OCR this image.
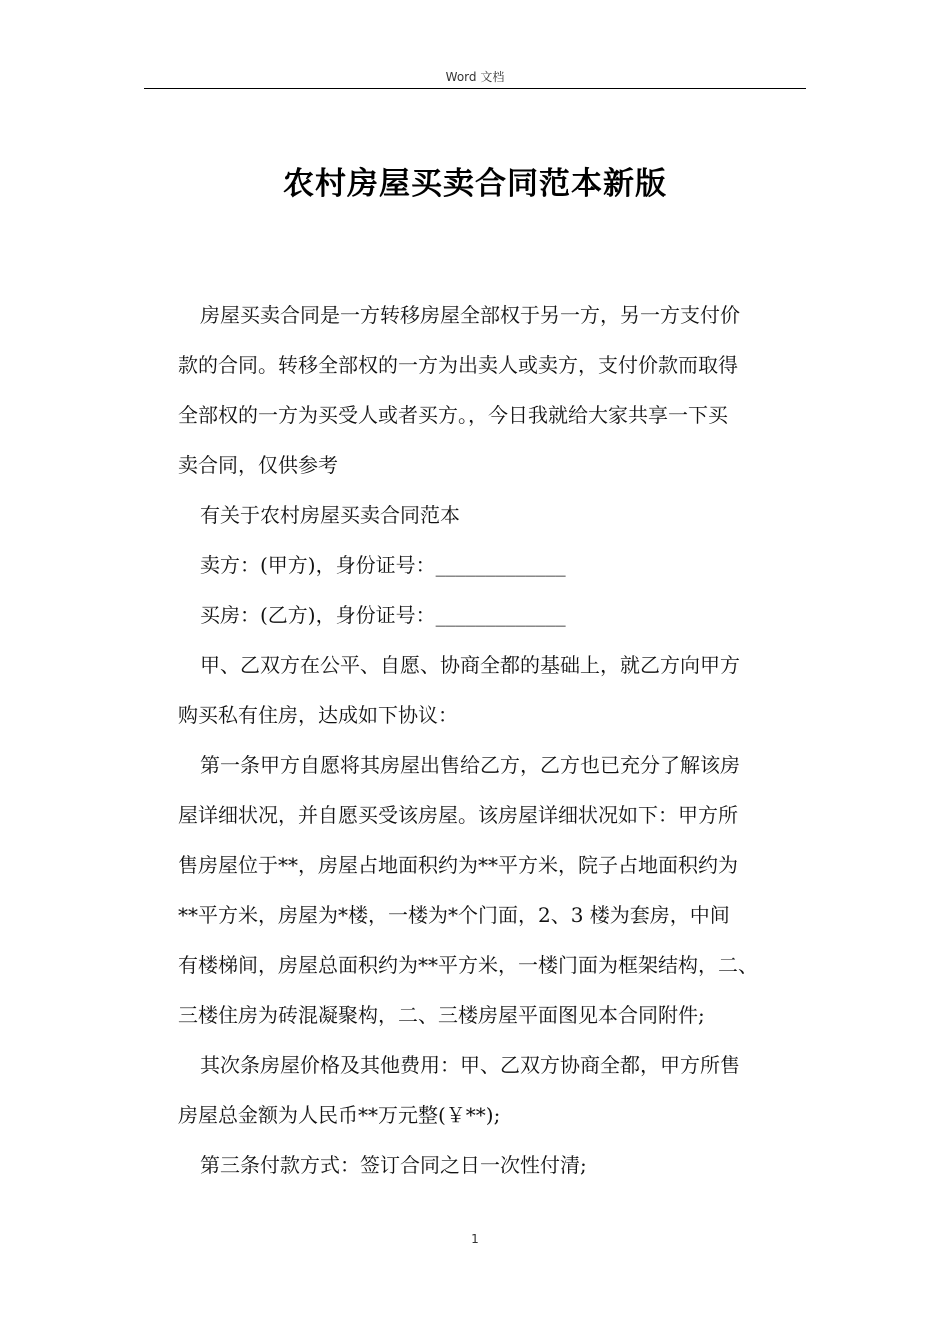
Word 文档
农村房屋买卖合同范本新版
房屋买卖合同是一方转移房屋全部权于另一方，另一方支付价
款的合同。转移全部权的一方为出卖人或卖方，支付价款而取得
全部权的一方为买受人或者买方。，今日我就给大家共享一下买
卖合同，仅供参考
有关于农村房屋买卖合同范本
卖方：(甲方)，身份证号：_____________
买房：(乙方)，身份证号：_____________
甲、乙双方在公平、自愿、协商全都的基础上，就乙方向甲方
购买私有住房，达成如下协议：
第一条甲方自愿将其房屋出售给乙方，乙方也已充分了解该房
屋详细状况，并自愿买受该房屋。该房屋详细状况如下：甲方所
售房屋位于**，房屋占地面积约为**平方米，院子占地面积约为
**平方米，房屋为*楼，一楼为*个门面，2、3 楼为套房，中间
有楼梯间，房屋总面积约为**平方米，一楼门面为框架结构，二、
三楼住房为砖混凝聚构，二、三楼房屋平面图见本合同附件;
其次条房屋价格及其他费用：甲、乙双方协商全都，甲方所售
房屋总金额为人民币**万元整(￥**);
第三条付款方式：签订合同之日一次性付清;
1
